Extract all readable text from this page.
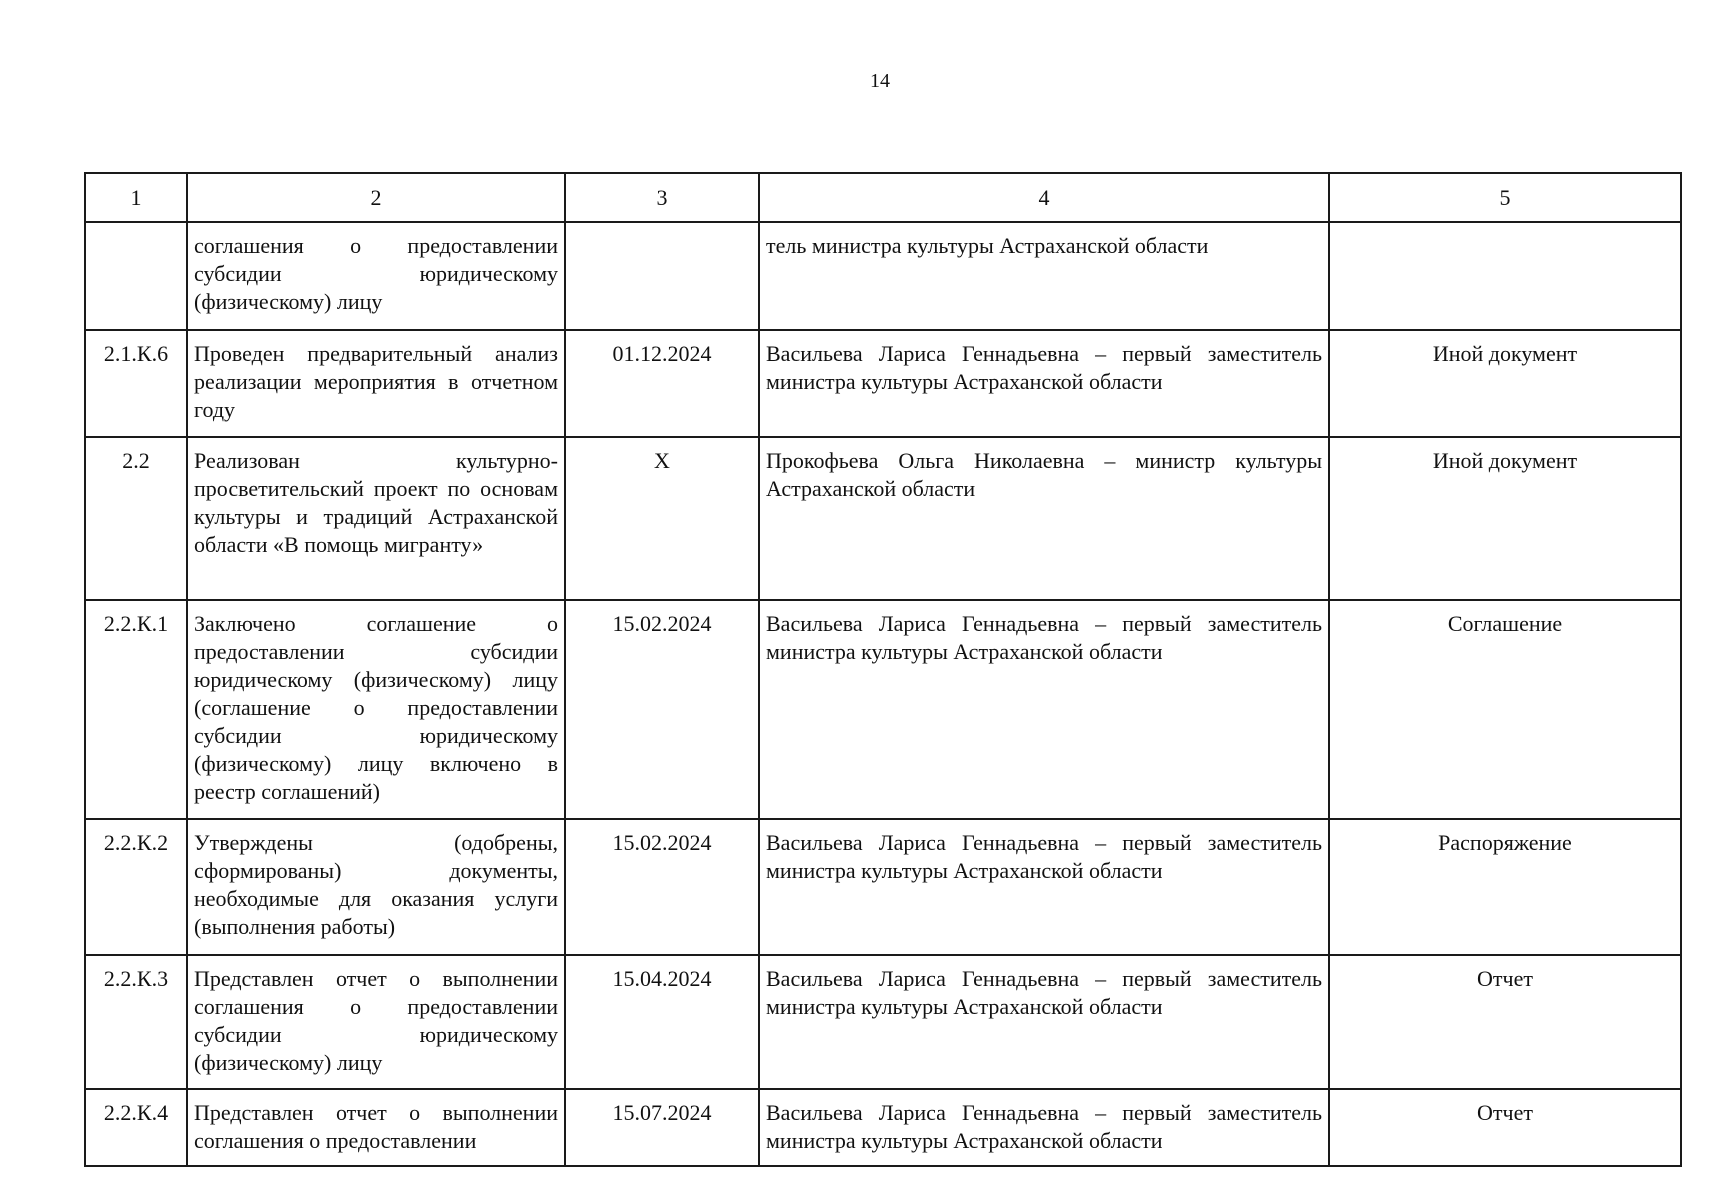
14
1	2	3	4	5
	соглашения о предоставлении субсидии юридическому (физическому) лицу		тель министра культуры Астраханской области	
2.1.К.6	Проведен предварительный анализ реализации мероприятия в отчетном году	01.12.2024	Васильева Лариса Геннадьевна – первый заместитель министра культуры Астраханской области	Иной документ
2.2	Реализован культурно-просветительский проект по основам культуры и традиций Астраханской области «В помощь мигранту»	Х	Прокофьева Ольга Николаевна – министр культуры Астраханской области	Иной документ
2.2.К.1	Заключено соглашение о предоставлении субсидии юридическому (физическому) лицу (соглашение о предоставлении субсидии юридическому (физическому) лицу включено в реестр соглашений)	15.02.2024	Васильева Лариса Геннадьевна – первый заместитель министра культуры Астраханской области	Соглашение
2.2.К.2	Утверждены (одобрены, сформированы) документы, необходимые для оказания услуги (выполнения работы)	15.02.2024	Васильева Лариса Геннадьевна – первый заместитель министра культуры Астраханской области	Распоряжение
2.2.К.3	Представлен отчет о выполнении соглашения о предоставлении субсидии юридическому (физическому) лицу	15.04.2024	Васильева Лариса Геннадьевна – первый заместитель министра культуры Астраханской области	Отчет
2.2.К.4	Представлен отчет о выполнении соглашения о предоставлении	15.07.2024	Васильева Лариса Геннадьевна – первый заместитель министра культуры Астраханской области	Отчет
